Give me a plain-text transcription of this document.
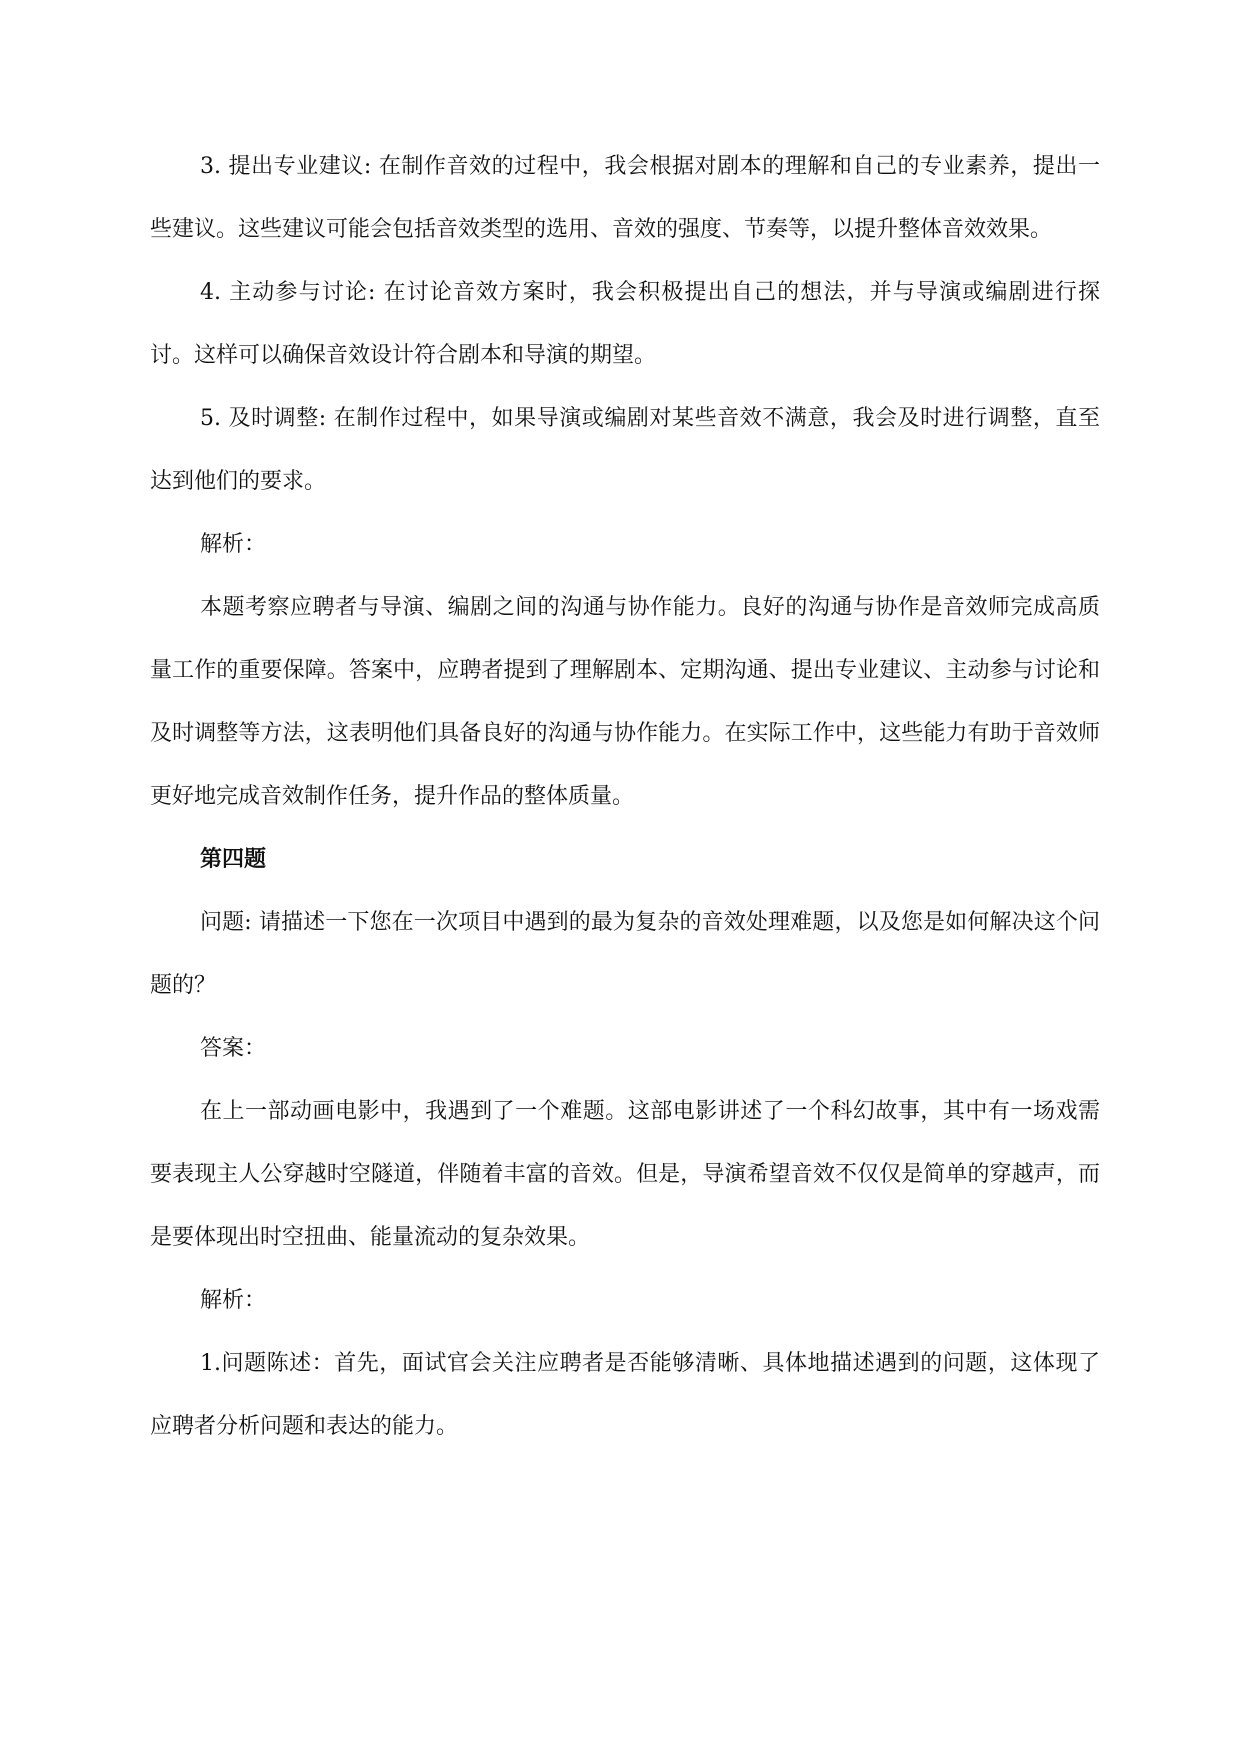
3. 提出专业建议: 在制作音效的过程中，我会根据对剧本的理解和自己的专业素养，提出一些建议。这些建议可能会包括音效类型的选用、音效的强度、节奏等，以提升整体音效效果。

4. 主动参与讨论: 在讨论音效方案时，我会积极提出自己的想法，并与导演或编剧进行探讨。这样可以确保音效设计符合剧本和导演的期望。

5. 及时调整: 在制作过程中，如果导演或编剧对某些音效不满意，我会及时进行调整，直至达到他们的要求。

解析：

本题考察应聘者与导演、编剧之间的沟通与协作能力。良好的沟通与协作是音效师完成高质量工作的重要保障。答案中，应聘者提到了理解剧本、定期沟通、提出专业建议、主动参与讨论和及时调整等方法，这表明他们具备良好的沟通与协作能力。在实际工作中，这些能力有助于音效师更好地完成音效制作任务，提升作品的整体质量。

第四题

问题: 请描述一下您在一次项目中遇到的最为复杂的音效处理难题，以及您是如何解决这个问题的？

答案：

在上一部动画电影中，我遇到了一个难题。这部电影讲述了一个科幻故事，其中有一场戏需要表现主人公穿越时空隧道，伴随着丰富的音效。但是，导演希望音效不仅仅是简单的穿越声，而是要体现出时空扭曲、能量流动的复杂效果。

解析：

1.问题陈述：首先，面试官会关注应聘者是否能够清晰、具体地描述遇到的问题，这体现了应聘者分析问题和表达的能力。
